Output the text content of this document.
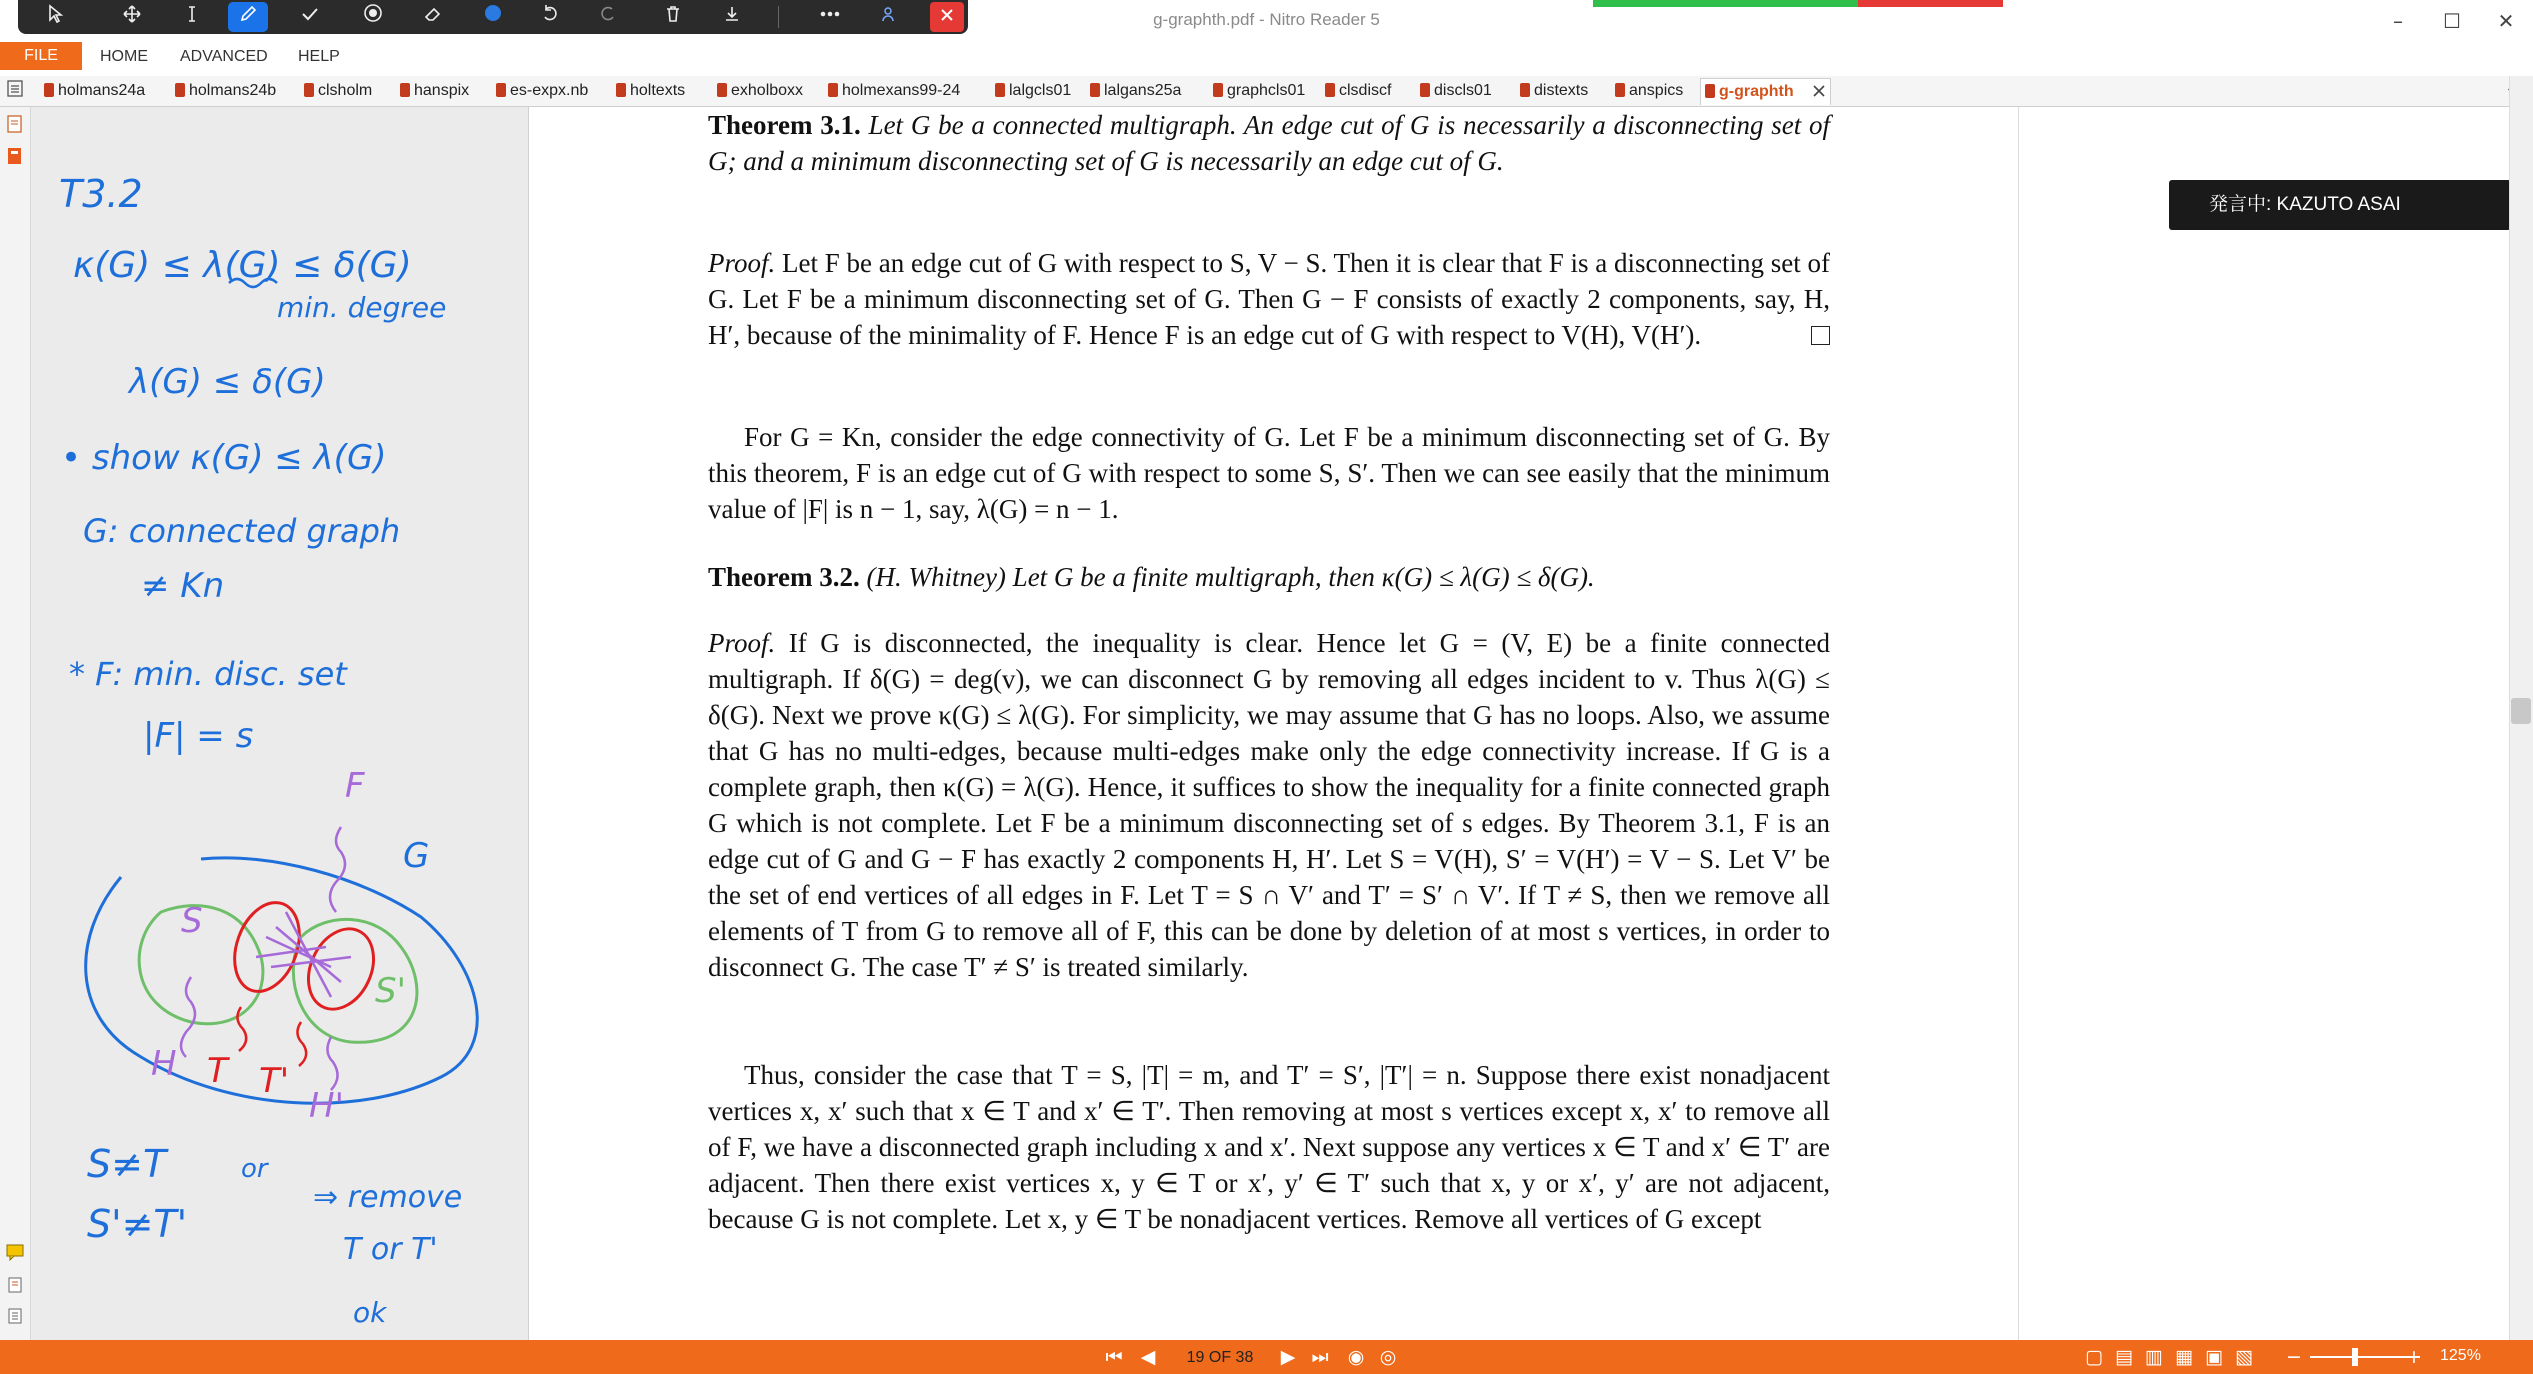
g-graphth.pdf - Nitro Reader 5	–	☐	✕
FILE	HOME ADVANCED HELP
holmans24a	holmans24b	clsholm	hanspix	es-expx.nb	holtexts	exholboxx	holmexans99-24	lalgcls01	lalgans25a	graphcls01	clsdiscf	discls01	distexts	anspics	g-graphth
T3.2
κ(G) ≤ λ(G) ≤ δ(G)
min. degree
λ(G) ≤ δ(G)
• show κ(G) ≤ λ(G)
G: connected graph
≠ Kn
* F: min. disc. set
|F| = s
S≠T	or
S'≠T'
⇒ remove
T or T'
ok
F
G
S
S'
H T T'
H'

Theorem 3.1. Let G be a connected multigraph. An edge cut of G is necessarily a disconnecting set of G; and a minimum disconnecting set of G is necessarily an edge cut of G.

Proof. Let F be an edge cut of G with respect to S, V − S. Then it is clear that F is a disconnecting set of G. Let F be a minimum disconnecting set of G. Then G − F consists of exactly 2 components, say, H, H′, because of the minimality of F. Hence F is an edge cut of G with respect to V(H), V(H′).

For G = Kn, consider the edge connectivity of G. Let F be a minimum disconnecting set of G. By this theorem, F is an edge cut of G with respect to some S, S′. Then we can see easily that the minimum value of |F| is n − 1, say, λ(G) = n − 1.

Theorem 3.2. (H. Whitney) Let G be a finite multigraph, then κ(G) ≤ λ(G) ≤ δ(G).

Proof. If G is disconnected, the inequality is clear. Hence let G = (V, E) be a finite connected multigraph. If δ(G) = deg(v), we can disconnect G by removing all edges incident to v. Thus λ(G) ≤ δ(G). Next we prove κ(G) ≤ λ(G). For simplicity, we may assume that G has no loops. Also, we assume that G has no multi-edges, because multi-edges make only the edge connectivity increase. If G is a complete graph, then κ(G) = λ(G). Hence, it suffices to show the inequality for a finite connected graph G which is not complete. Let F be a minimum disconnecting set of s edges. By Theorem 3.1, F is an edge cut of G and G − F has exactly 2 components H, H′. Let S = V(H), S′ = V(H′) = V − S. Let V′ be the set of end vertices of all edges in F. Let T = S ∩ V′ and T′ = S′ ∩ V′. If T ≠ S, then we remove all elements of T from G to remove all of F, this can be done by deletion of at most s vertices, in order to disconnect G. The case T′ ≠ S′ is treated similarly.

Thus, consider the case that T = S, |T| = m, and T′ = S′, |T′| = n. Suppose there exist nonadjacent vertices x, x′ such that x ∈ T and x′ ∈ T′. Then removing at most s vertices except x, x′ to remove all of F, we have a disconnected graph including x and x′. Next suppose any vertices x ∈ T and x′ ∈ T′ are adjacent. Then there exist vertices x, y ∈ T or x′, y′ ∈ T′ such that x, y or x′, y′ are not adjacent, because G is not complete. Let x, y ∈ T be nonadjacent vertices. Remove all vertices of G except

発言中: KAZUTO ASAI
⏮ ◀	19 OF 38	▶ ⏭	◉ ◎	▢ ▤ ▥ ▦ ▣ ▧	−	+	125%
